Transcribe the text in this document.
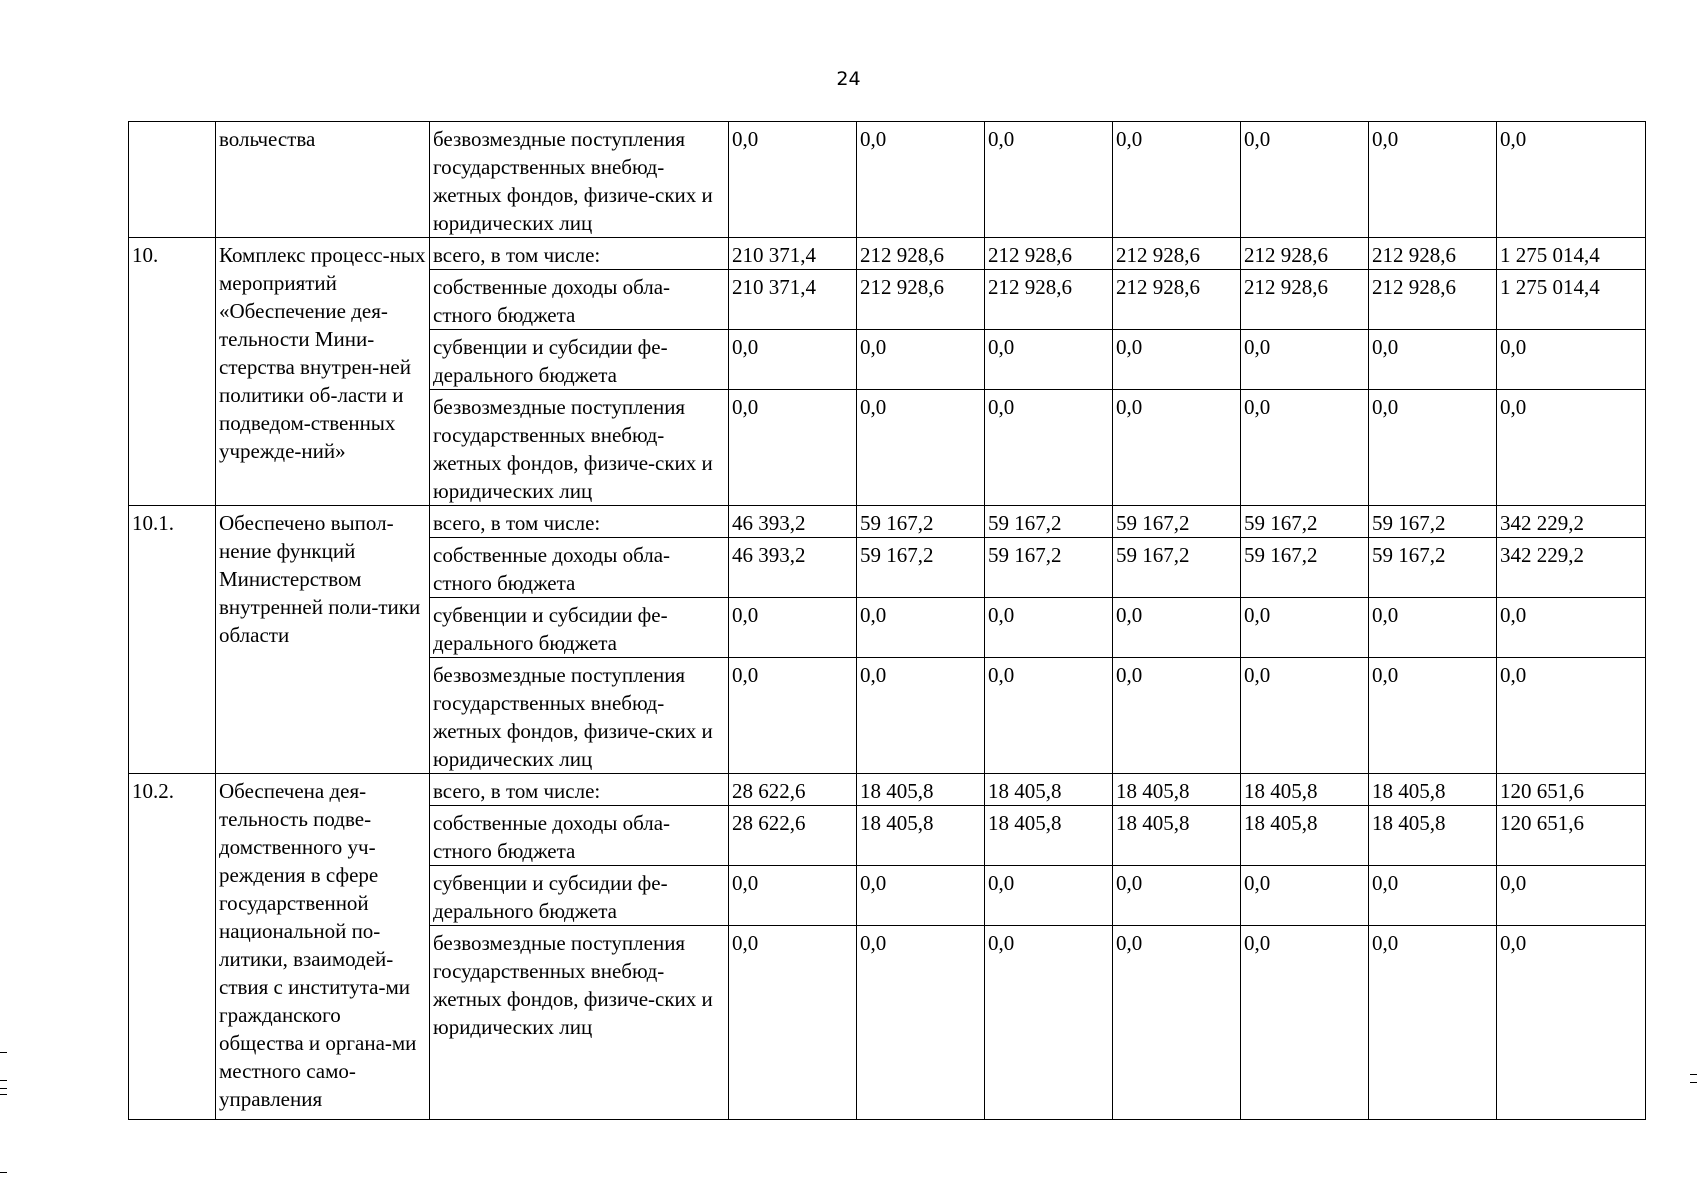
24
	вольчества	безвозмездные поступления государственных внебюд-жетных фондов, физиче-ских и юридических лиц	0,0	0,0	0,0	0,0	0,0	0,0	0,0
10.	Комплекс процесс-ных мероприятий «Обеспечение дея-тельности Мини-стерства внутрен-ней политики об-ласти и подведом-ственных учрежде-ний»	всего, в том числе:	210 371,4	212 928,6	212 928,6	212 928,6	212 928,6	212 928,6	1 275 014,4
		собственные доходы обла-стного бюджета	210 371,4	212 928,6	212 928,6	212 928,6	212 928,6	212 928,6	1 275 014,4
		субвенции и субсидии фе-дерального бюджета	0,0	0,0	0,0	0,0	0,0	0,0	0,0
		безвозмездные поступления государственных внебюд-жетных фондов, физиче-ских и юридических лиц	0,0	0,0	0,0	0,0	0,0	0,0	0,0
10.1.	Обеспечено выпол-нение функций Министерством внутренней поли-тики области	всего, в том числе:	46 393,2	59 167,2	59 167,2	59 167,2	59 167,2	59 167,2	342 229,2
		собственные доходы обла-стного бюджета	46 393,2	59 167,2	59 167,2	59 167,2	59 167,2	59 167,2	342 229,2
		субвенции и субсидии фе-дерального бюджета	0,0	0,0	0,0	0,0	0,0	0,0	0,0
		безвозмездные поступления государственных внебюд-жетных фондов, физиче-ских и юридических лиц	0,0	0,0	0,0	0,0	0,0	0,0	0,0
10.2.	Обеспечена дея-тельность подве-домственного уч-реждения в сфере государственной национальной по-литики, взаимодей-ствия с института-ми гражданского общества и органа-ми местного само-управления	всего, в том числе:	28 622,6	18 405,8	18 405,8	18 405,8	18 405,8	18 405,8	120 651,6
		собственные доходы обла-стного бюджета	28 622,6	18 405,8	18 405,8	18 405,8	18 405,8	18 405,8	120 651,6
		субвенции и субсидии фе-дерального бюджета	0,0	0,0	0,0	0,0	0,0	0,0	0,0
		безвозмездные поступления государственных внебюд-жетных фондов, физиче-ских и юридических лиц	0,0	0,0	0,0	0,0	0,0	0,0	0,0
